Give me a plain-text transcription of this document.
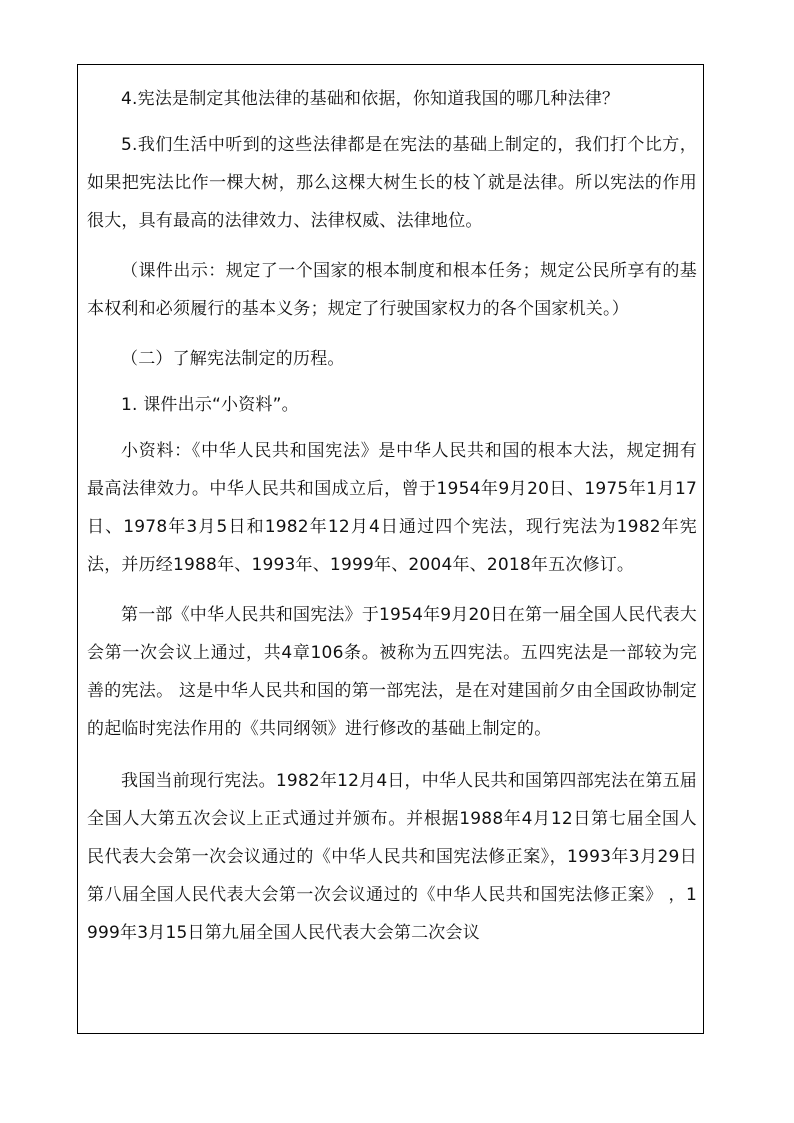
4.宪法是制定其他法律的基础和依据，你知道我国的哪几种法律？

5.我们生活中听到的这些法律都是在宪法的基础上制定的，我们打个比方，如果把宪法比作一棵大树，那么这棵大树生长的枝丫就是法律。所以宪法的作用很大，具有最高的法律效力、法律权威、法律地位。

（课件出示：规定了一个国家的根本制度和根本任务；规定公民所享有的基本权利和必须履行的基本义务；规定了行驶国家权力的各个国家机关。）

（二）了解宪法制定的历程。

1. 课件出示“小资料”。

小资料：《中华人民共和国宪法》是中华人民共和国的根本大法，规定拥有最高法律效力。中华人民共和国成立后，曾于1954年9月20日、1975年1月17日、1978年3月5日和1982年12月4日通过四个宪法，现行宪法为1982年宪法，并历经1988年、1993年、1999年、2004年、2018年五次修订。

第一部《中华人民共和国宪法》于1954年9月20日在第一届全国人民代表大会第一次会议上通过，共4章106条。被称为五四宪法。五四宪法是一部较为完善的宪法。 这是中华人民共和国的第一部宪法，是在对建国前夕由全国政协制定的起临时宪法作用的《共同纲领》进行修改的基础上制定的。

我国当前现行宪法。1982年12月4日，中华人民共和国第四部宪法在第五届全国人大第五次会议上正式通过并颁布。并根据1988年4月12日第七届全国人民代表大会第一次会议通过的《中华人民共和国宪法修正案》，1993年3月29日第八届全国人民代表大会第一次会议通过的《中华人民共和国宪法修正案》 ，1999年3月15日第九届全国人民代表大会第二次会议
